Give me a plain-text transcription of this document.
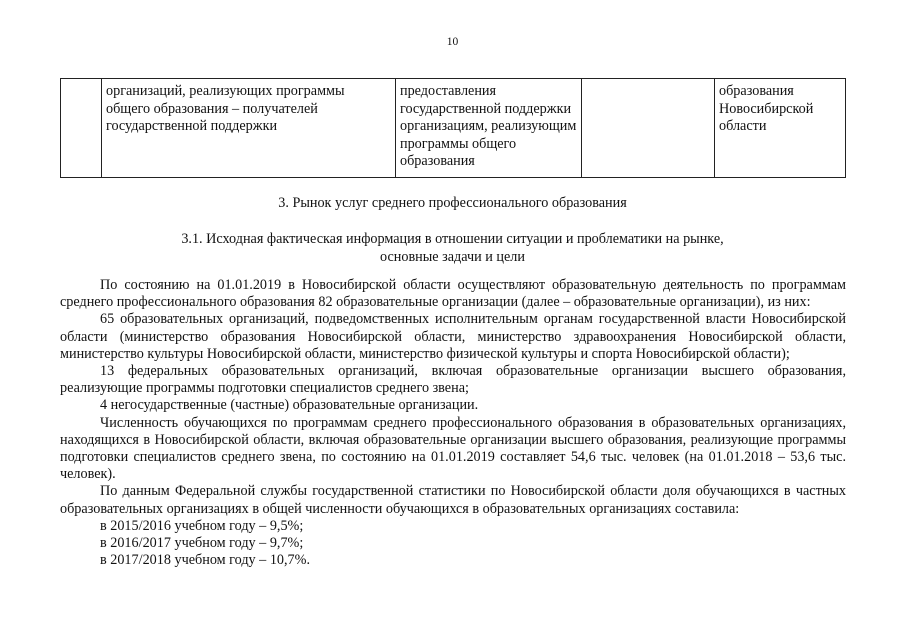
10
	организаций, реализующих программы общего образования – получателей государственной поддержки	предоставления государственной поддержки организациям, реализующим программы общего образования		образования Новосибирской области
3. Рынок услуг среднего профессионального образования
3.1. Исходная фактическая информация в отношении ситуации и проблематики на рынке,
основные задачи и цели

По состоянию на 01.01.2019 в Новосибирской области осуществляют образовательную деятельность по программам среднего профессионального образования 82 образовательные организации (далее – образовательные организации), из них:

65 образовательных организаций, подведомственных исполнительным органам государственной власти Новосибирской области (министерство образования Новосибирской области, министерство здравоохранения Новосибирской области, министерство культуры Новосибирской области, министерство физической культуры и спорта Новосибирской области);

13 федеральных образовательных организаций, включая образовательные организации высшего образования, реализующие программы подготовки специалистов среднего звена;

4 негосударственные (частные) образовательные организации.

Численность обучающихся по программам среднего профессионального образования в образовательных организациях, находящихся в Новосибирской области, включая образовательные организации высшего образования, реализующие программы подготовки специалистов среднего звена, по состоянию на 01.01.2019 составляет 54,6 тыс. человек (на 01.01.2018 – 53,6 тыс. человек).

По данным Федеральной службы государственной статистики по Новосибирской области доля обучающихся в частных образовательных организациях в общей численности обучающихся в образовательных организациях составила:

в 2015/2016 учебном году – 9,5%;

в 2016/2017 учебном году – 9,7%;

в 2017/2018 учебном году – 10,7%.
